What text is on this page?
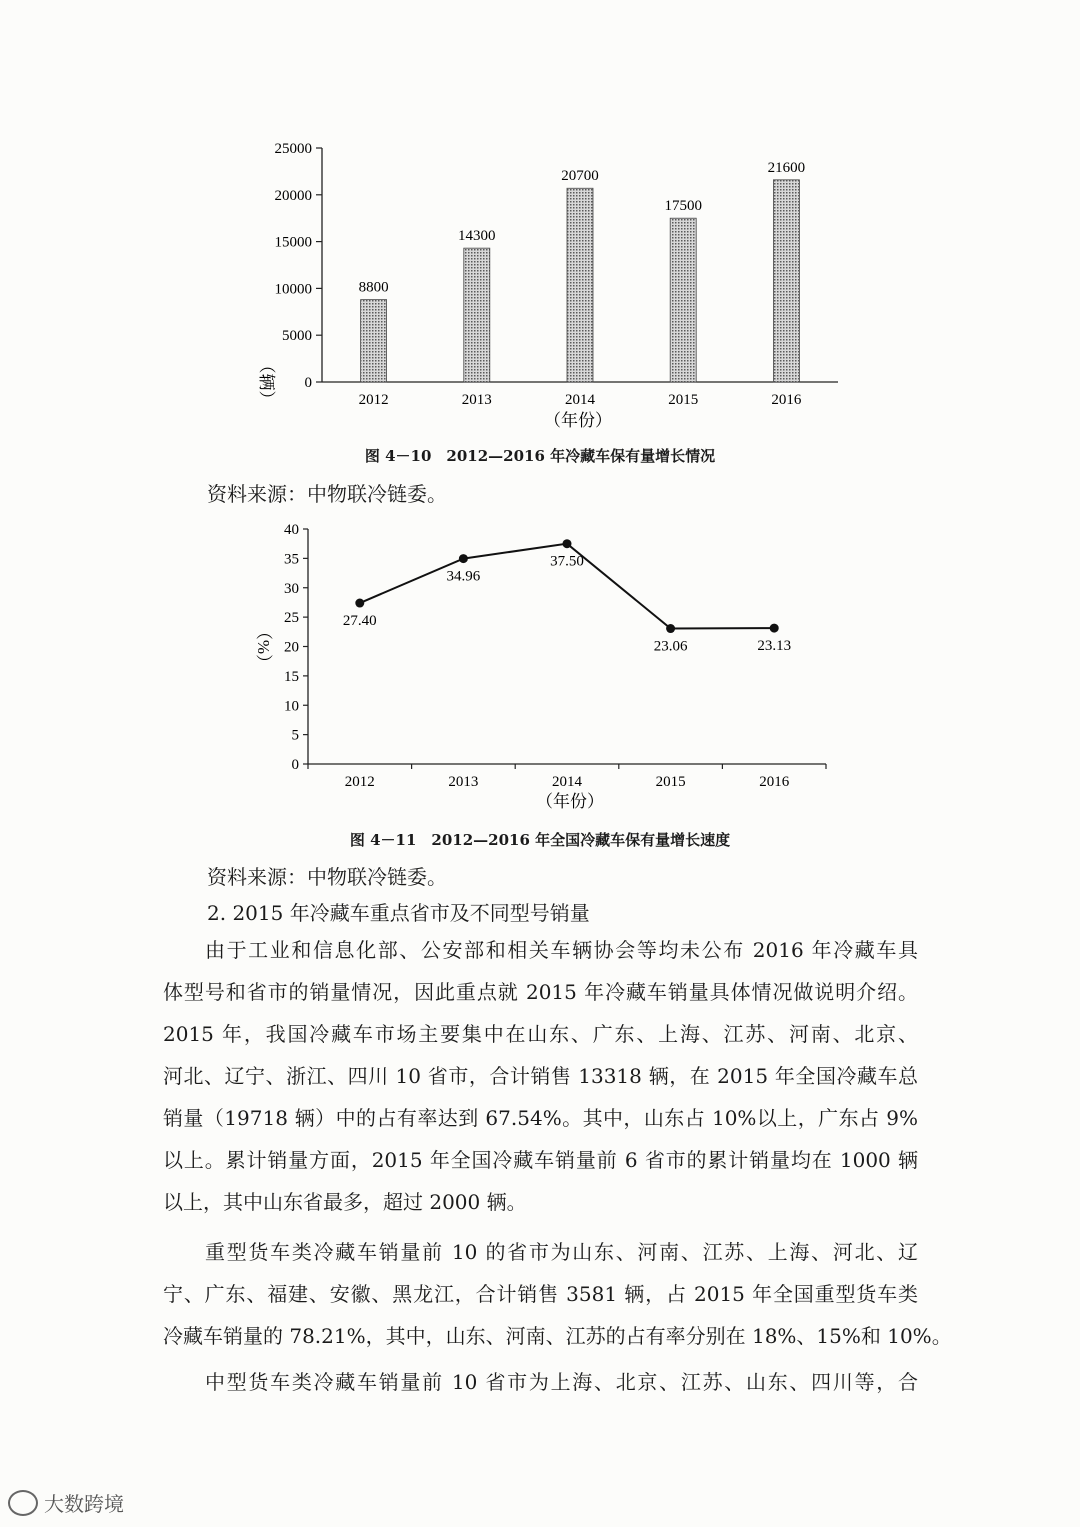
0
5000
10000
15000
20000
25000
2012	2013	2014	2015	2016
8800
14300
20700
17500
21600
（辆）
（年份）
图 4－10　2012—2016 年冷藏车保有量增长情况
资料来源：中物联冷链委。
0
5
10
15
20
25
30
35
40
2012	2013	2014	2015	2016
27.40
34.96
37.50
23.06	23.13
（%）
（年份）
图 4－11　2012—2016 年全国冷藏车保有量增长速度
资料来源：中物联冷链委。
2. 2015 年冷藏车重点省市及不同型号销量
由于工业和信息化部、公安部和相关车辆协会等均未公布 2016 年冷藏车具
体型号和省市的销量情况，因此重点就 2015 年冷藏车销量具体情况做说明介绍。
2015 年，我国冷藏车市场主要集中在山东、广东、上海、江苏、河南、北京、
河北、辽宁、浙江、四川 10 省市，合计销售 13318 辆，在 2015 年全国冷藏车总
销量（19718 辆）中的占有率达到 67.54%。其中，山东占 10%以上，广东占 9%
以上。累计销量方面，2015 年全国冷藏车销量前 6 省市的累计销量均在 1000 辆
以上，其中山东省最多，超过 2000 辆。
重型货车类冷藏车销量前 10 的省市为山东、河南、江苏、上海、河北、辽
宁、广东、福建、安徽、黑龙江，合计销售 3581 辆，占 2015 年全国重型货车类
冷藏车销量的 78.21%，其中，山东、河南、江苏的占有率分别在 18%、15%和 10%。
中型货车类冷藏车销量前 10 省市为上海、北京、江苏、山东、四川等，合
大数跨境
